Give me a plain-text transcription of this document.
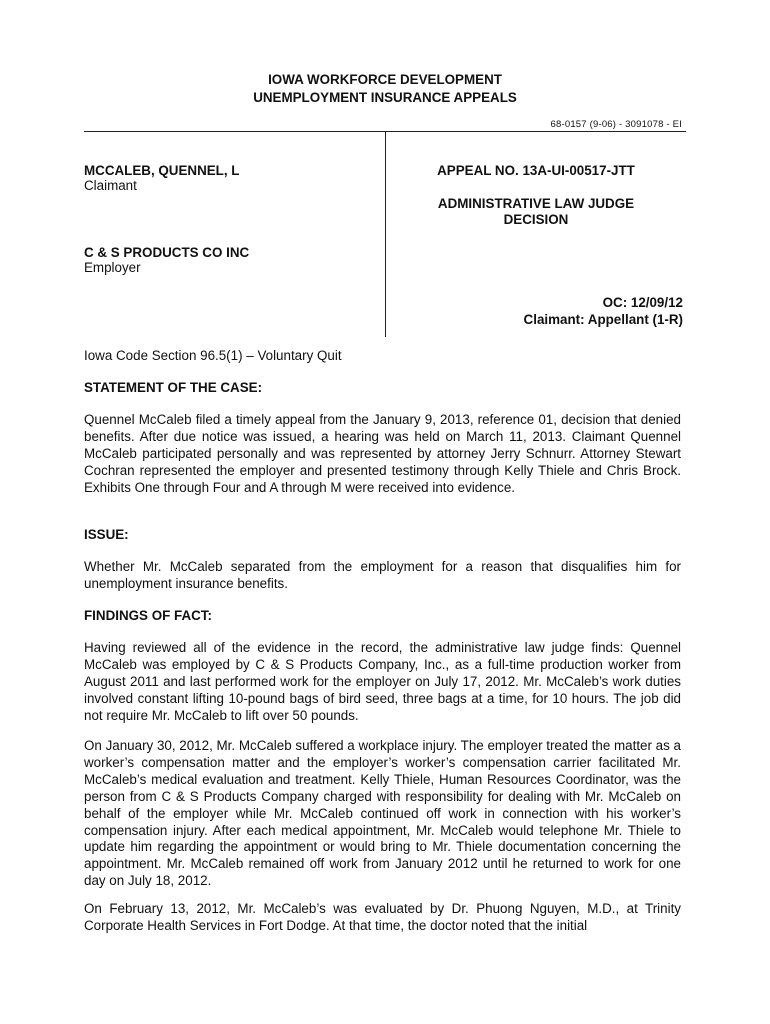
IOWA WORKFORCE DEVELOPMENT
UNEMPLOYMENT INSURANCE APPEALS
68-0157 (9-06) - 3091078 - EI
MCCALEB, QUENNEL, L
Claimant
C & S PRODUCTS CO INC
Employer
APPEAL NO. 13A-UI-00517-JTT
ADMINISTRATIVE LAW JUDGE
DECISION
OC: 12/09/12
Claimant: Appellant (1-R)
Iowa Code Section 96.5(1) – Voluntary Quit
STATEMENT OF THE CASE:

Quennel McCaleb filed a timely appeal from the January 9, 2013, reference 01, decision that denied benefits. After due notice was issued, a hearing was held on March 11, 2013. Claimant Quennel McCaleb participated personally and was represented by attorney Jerry Schnurr. Attorney Stewart Cochran represented the employer and presented testimony through Kelly Thiele and Chris Brock. Exhibits One through Four and A through M were received into evidence.

ISSUE:

Whether Mr. McCaleb separated from the employment for a reason that disqualifies him for unemployment insurance benefits.

FINDINGS OF FACT:

Having reviewed all of the evidence in the record, the administrative law judge finds: Quennel McCaleb was employed by C & S Products Company, Inc., as a full-time production worker from August 2011 and last performed work for the employer on July 17, 2012. Mr. McCaleb’s work duties involved constant lifting 10-pound bags of bird seed, three bags at a time, for 10 hours. The job did not require Mr. McCaleb to lift over 50 pounds.

On January 30, 2012, Mr. McCaleb suffered a workplace injury. The employer treated the matter as a worker’s compensation matter and the employer’s worker’s compensation carrier facilitated Mr. McCaleb’s medical evaluation and treatment. Kelly Thiele, Human Resources Coordinator, was the person from C & S Products Company charged with responsibility for dealing with Mr. McCaleb on behalf of the employer while Mr. McCaleb continued off work in connection with his worker’s compensation injury. After each medical appointment, Mr. McCaleb would telephone Mr. Thiele to update him regarding the appointment or would bring to Mr. Thiele documentation concerning the appointment. Mr. McCaleb remained off work from January 2012 until he returned to work for one day on July 18, 2012.

On February 13, 2012, Mr. McCaleb’s was evaluated by Dr. Phuong Nguyen, M.D., at Trinity Corporate Health Services in Fort Dodge. At that time, the doctor noted that the initial
